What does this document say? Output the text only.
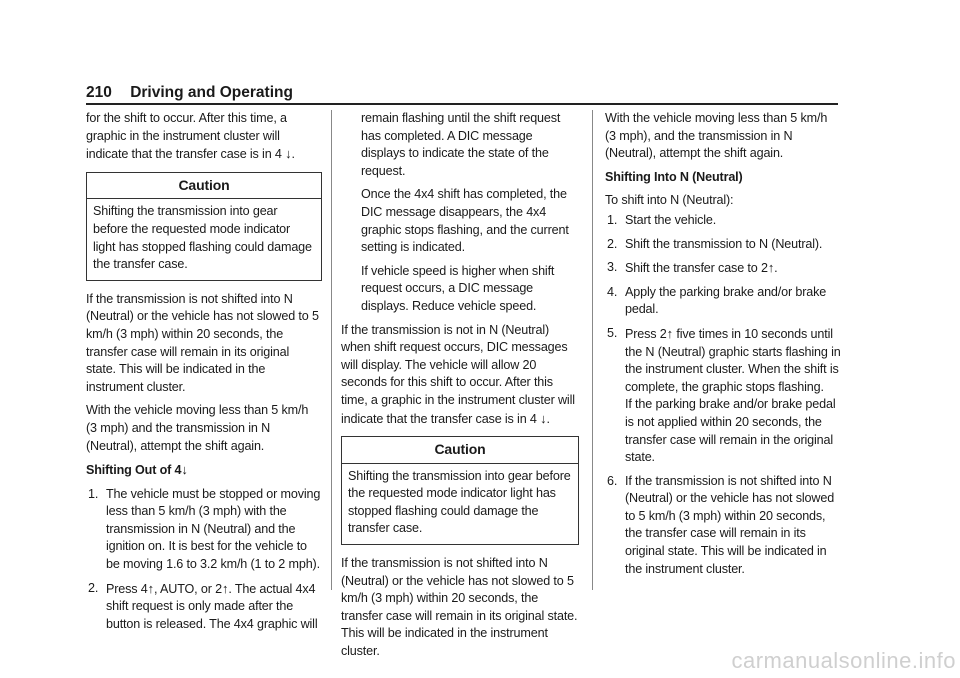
210 Driving and Operating

for the shift to occur. After this time, a graphic in the instrument cluster will indicate that the transfer case is in 4 ↓.

Caution
Shifting the transmission into gear before the requested mode indicator light has stopped flashing could damage the transfer case.

If the transmission is not shifted into N (Neutral) or the vehicle has not slowed to 5 km/h (3 mph) within 20 seconds, the transfer case will remain in its original state. This will be indicated in the instrument cluster.

With the vehicle moving less than 5 km/h (3 mph) and the transmission in N (Neutral), attempt the shift again.

Shifting Out of 4↓
1. The vehicle must be stopped or moving less than 5 km/h (3 mph) with the transmission in N (Neutral) and the ignition on. It is best for the vehicle to be moving 1.6 to 3.2 km/h (1 to 2 mph).
2. Press 4↑, AUTO, or 2↑. The actual 4x4 shift request is only made after the button is released. The 4x4 graphic will

remain flashing until the shift request has completed. A DIC message displays to indicate the state of the request.

Once the 4x4 shift has completed, the DIC message disappears, the 4x4 graphic stops flashing, and the current setting is indicated.

If vehicle speed is higher when shift request occurs, a DIC message displays. Reduce vehicle speed.

If the transmission is not in N (Neutral) when shift request occurs, DIC messages will display. The vehicle will allow 20 seconds for this shift to occur. After this time, a graphic in the instrument cluster will indicate that the transfer case is in 4 ↓.

Caution
Shifting the transmission into gear before the requested mode indicator light has stopped flashing could damage the transfer case.

If the transmission is not shifted into N (Neutral) or the vehicle has not slowed to 5 km/h (3 mph) within 20 seconds, the transfer case will remain in its original state. This will be indicated in the instrument cluster.

With the vehicle moving less than 5 km/h (3 mph), and the transmission in N (Neutral), attempt the shift again.

Shifting Into N (Neutral)

To shift into N (Neutral):

1. Start the vehicle.
2. Shift the transmission to N (Neutral).
3. Shift the transfer case to 2↑.
4. Apply the parking brake and/or brake pedal.
5. Press 2↑ five times in 10 seconds until the N (Neutral) graphic starts flashing in the instrument cluster. When the shift is complete, the graphic stops flashing.
If the parking brake and/or brake pedal is not applied within 20 seconds, the transfer case will remain in the original state.
6. If the transmission is not shifted into N (Neutral) or the vehicle has not slowed to 5 km/h (3 mph) within 20 seconds, the transfer case will remain in its original state. This will be indicated in the instrument cluster.
carmanualsonline.info
